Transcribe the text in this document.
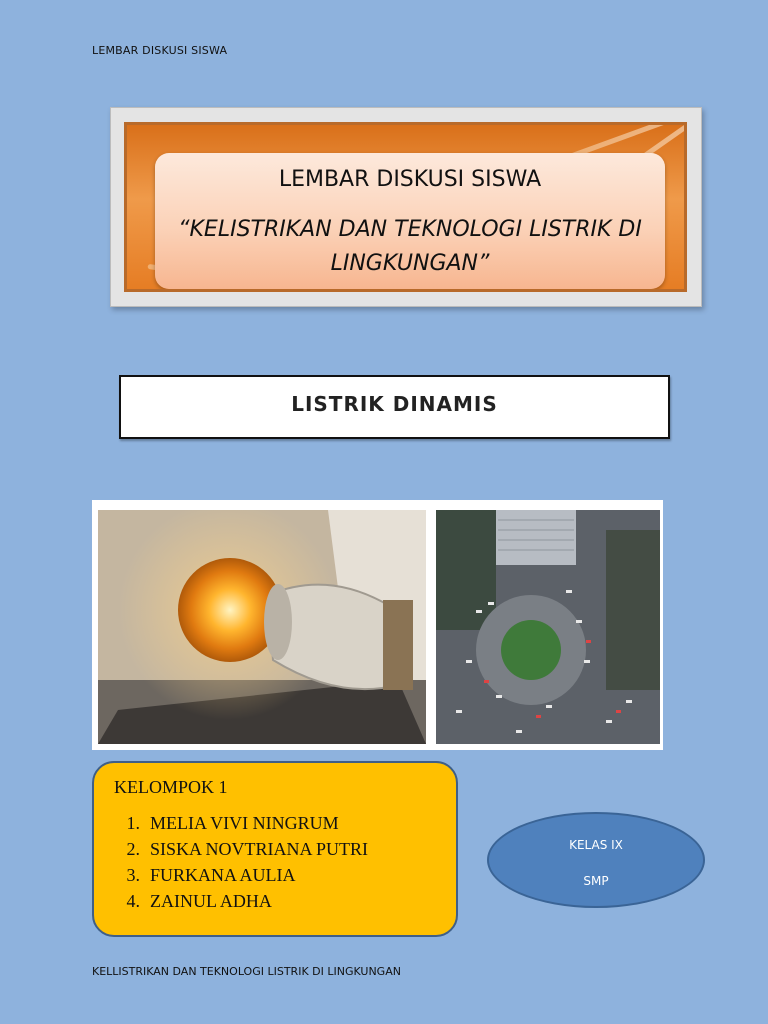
LEMBAR DISKUSI SISWA
LEMBAR DISKUSI SISWA
“KELISTRIKAN DAN TEKNOLOGI LISTRIK DI LINGKUNGAN”
LISTRIK DINAMIS
KELOMPOK 1
1. MELIA VIVI NINGRUM
2. SISKA NOVTRIANA PUTRI
3. FURKANA AULIA
4. ZAINUL ADHA
KELAS IX
SMP
KELLISTRIKAN DAN TEKNOLOGI LISTRIK DI LINGKUNGAN
